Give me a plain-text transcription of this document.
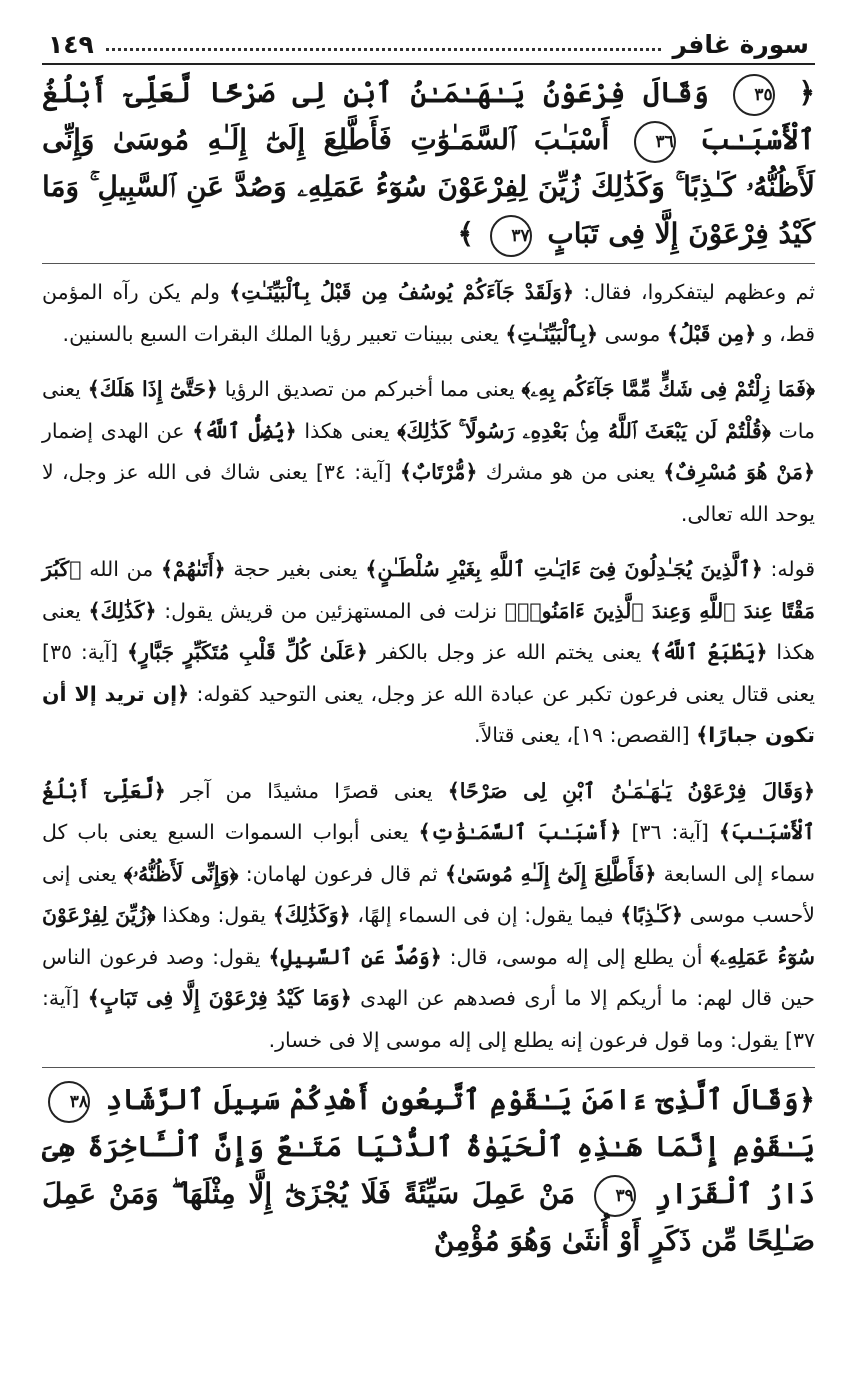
سورة غافر
١٤٩

﴿ ٣٥ وَقَالَ فِرْعَوْنُ يَـٰهَـٰمَـٰنُ ٱبْنِ لِى صَرْحًا لَّعَلِّىٓ أَبْلُغُ ٱلْأَسْبَـٰبَ ٣٦ أَسْبَـٰبَ ٱلسَّمَـٰوَٰتِ فَأَطَّلِعَ إِلَىٰٓ إِلَـٰهِ مُوسَىٰ وَإِنِّى لَأَظُنُّهُۥ كَـٰذِبًا ۚ وَكَذَٰلِكَ زُيِّنَ لِفِرْعَوْنَ سُوٓءُ عَمَلِهِۦ وَصُدَّ عَنِ ٱلسَّبِيلِ ۚ وَمَا كَيْدُ فِرْعَوْنَ إِلَّا فِى تَبَابٍ ٣٧ ﴾

ثم وعظهم ليتفكروا، فقال: ﴿وَلَقَدْ جَآءَكُمْ يُوسُفُ مِن قَبْلُ بِٱلْبَيِّنَـٰتِ﴾ ولم يكن رآه المؤمن قط، و ﴿مِن قَبْلُ﴾ موسى ﴿بِٱلْبَيِّنَـٰتِ﴾ يعنى ببينات تعبير رؤيا الملك البقرات السبع بالسنين.

﴿فَمَا زِلْتُمْ فِى شَكٍّ مِّمَّا جَآءَكُم بِهِۦ﴾ يعنى مما أخبركم من تصديق الرؤيا ﴿حَتَّىٰٓ إِذَا هَلَكَ﴾ يعنى مات ﴿قُلْتُمْ لَن يَبْعَثَ ٱللَّهُ مِنۢ بَعْدِهِۦ رَسُولًا ۚ كَذَٰلِكَ﴾ يعنى هكذا ﴿يُضِلُّ ٱللَّهُ﴾ عن الهدى إضمار ﴿مَنْ هُوَ مُسْرِفٌ﴾ يعنى من هو مشرك ﴿مُّرْتَابٌ﴾ [آية: ٣٤] يعنى شاك فى الله عز وجل، لا يوحد الله تعالى.

قوله: ﴿ٱلَّذِينَ يُجَـٰدِلُونَ فِىٓ ءَايَـٰتِ ٱللَّهِ بِغَيْرِ سُلْطَـٰنٍ﴾ يعنى بغير حجة ﴿أَتَىٰهُمْ﴾ من الله ﴿كَبُرَ مَقْتًا عِندَ ٱللَّهِ وَعِندَ ٱلَّذِينَ ءَامَنُوا۟﴾ نزلت فى المستهزئين من قريش يقول: ﴿كَذَٰلِكَ﴾ يعنى هكذا ﴿يَطْبَعُ ٱللَّهُ﴾ يعنى يختم الله عز وجل بالكفر ﴿عَلَىٰ كُلِّ قَلْبِ مُتَكَبِّرٍ جَبَّارٍ﴾ [آية: ٣٥] يعنى قتال يعنى فرعون تكبر عن عبادة الله عز وجل، يعنى التوحيد كقوله: ﴿إن تريد إلا أن تكون جبارًا﴾ [القصص: ١٩]، يعنى قتالاً.

﴿وَقَالَ فِرْعَوْنُ يَـٰهَـٰمَـٰنُ ٱبْنِ لِى صَرْحًا﴾ يعنى قصرًا مشيدًا من آجر ﴿لَّعَلِّىٓ أَبْلُغُ ٱلْأَسْبَـٰبَ﴾ [آية: ٣٦] ﴿أَسْبَـٰبَ ٱلسَّمَـٰوَٰتِ﴾ يعنى أبواب السموات السبع يعنى باب كل سماء إلى السابعة ﴿فَأَطَّلِعَ إِلَىٰٓ إِلَـٰهِ مُوسَىٰ﴾ ثم قال فرعون لهامان: ﴿وَإِنِّى لَأَظُنُّهُۥ﴾ يعنى إنى لأحسب موسى ﴿كَـٰذِبًا﴾ فيما يقول: إن فى السماء إلهًا، ﴿وَكَذَٰلِكَ﴾ يقول: وهكذا ﴿زُيِّنَ لِفِرْعَوْنَ سُوٓءُ عَمَلِهِۦ﴾ أن يطلع إلى إله موسى، قال: ﴿وَصُدَّ عَنِ ٱلسَّبِيلِ﴾ يقول: وصد فرعون الناس حين قال لهم: ما أريكم إلا ما أرى فصدهم عن الهدى ﴿وَمَا كَيْدُ فِرْعَوْنَ إِلَّا فِى تَبَابٍ﴾ [آية: ٣٧] يقول: وما قول فرعون إنه يطلع إلى إله موسى إلا فى خسار.

﴿وَقَالَ ٱلَّذِىٓ ءَامَنَ يَـٰقَوْمِ ٱتَّبِعُونِ أَهْدِكُمْ سَبِيلَ ٱلرَّشَادِ ٣٨ يَـٰقَوْمِ إِنَّمَا هَـٰذِهِ ٱلْحَيَوٰةُ ٱلدُّنْيَا مَتَـٰعٌ وَإِنَّ ٱلْـَٔاخِرَةَ هِىَ دَارُ ٱلْقَرَارِ ٣٩ مَنْ عَمِلَ سَيِّئَةً فَلَا يُجْزَىٰٓ إِلَّا مِثْلَهَا ۖ وَمَنْ عَمِلَ صَـٰلِحًا مِّن ذَكَرٍ أَوْ أُنثَىٰ وَهُوَ مُؤْمِنٌ
